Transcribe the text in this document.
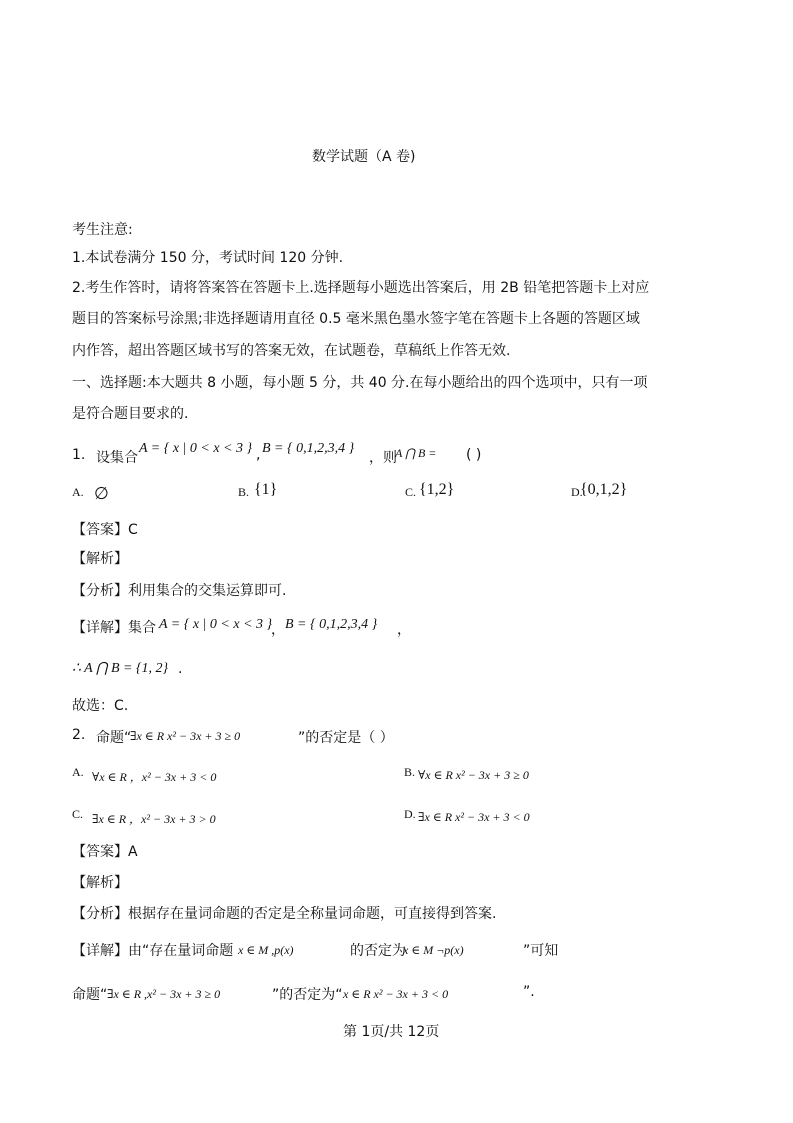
数学试题（A 卷)
考生注意:
1.本试卷满分 150 分，考试时间 120 分钟.
2.考生作答时，请将答案答在答题卡上.选择题每小题选出答案后，用 2B 铅笔把答题卡上对应
题目的答案标号涂黑;非选择题请用直径 0.5 毫米黑色墨水签字笔在答题卡上各题的答题区域
内作答，超出答题区域书写的答案无效，在试题卷，草稿纸上作答无效.
一、选择题:本大题共 8 小题，每小题 5 分，共 40 分.在每小题给出的四个选项中，只有一项
是符合题目要求的.
1. 设集合
A = { x | 0 < x < 3 } , B = { 0,1,2,3,4 }
，则
A ⋂ B = ( )
A. ∅	B. {1}	C. {1,2}	D.
{0,1,2}
【答案】C
【解析】
【分析】利用集合的交集运算即可.
【详解】集合 A = { x | 0 < x < 3 }
， B = { 0,1,2,3,4 } ，
∴ A ⋂ B = {1, 2} .
故选：C.
2. 命题“
∃x ∈ R x² − 3x + 3 ≥ 0	”的否定是（ ）
A. ∀x ∈ R ，x² − 3x + 3 < 0	B. ∀x ∈ R x² − 3x + 3 ≥ 0
C. ∃x ∈ R ，x² − 3x + 3 > 0	D. ∃x ∈ R x² − 3x + 3 < 0
【答案】A
【解析】
【分析】根据存在量词命题的否定是全称量词命题，可直接得到答案.
【详解】由“存在量词命题 x ∈ M ,p(x)	的否定为
x ∈ M ¬p(x)	”可知
命题“ ∃x ∈ R ,x² − 3x + 3 ≥ 0	”的否定为“ x ∈ R x² − 3x + 3 < 0	”.
第 1页/共 12页
